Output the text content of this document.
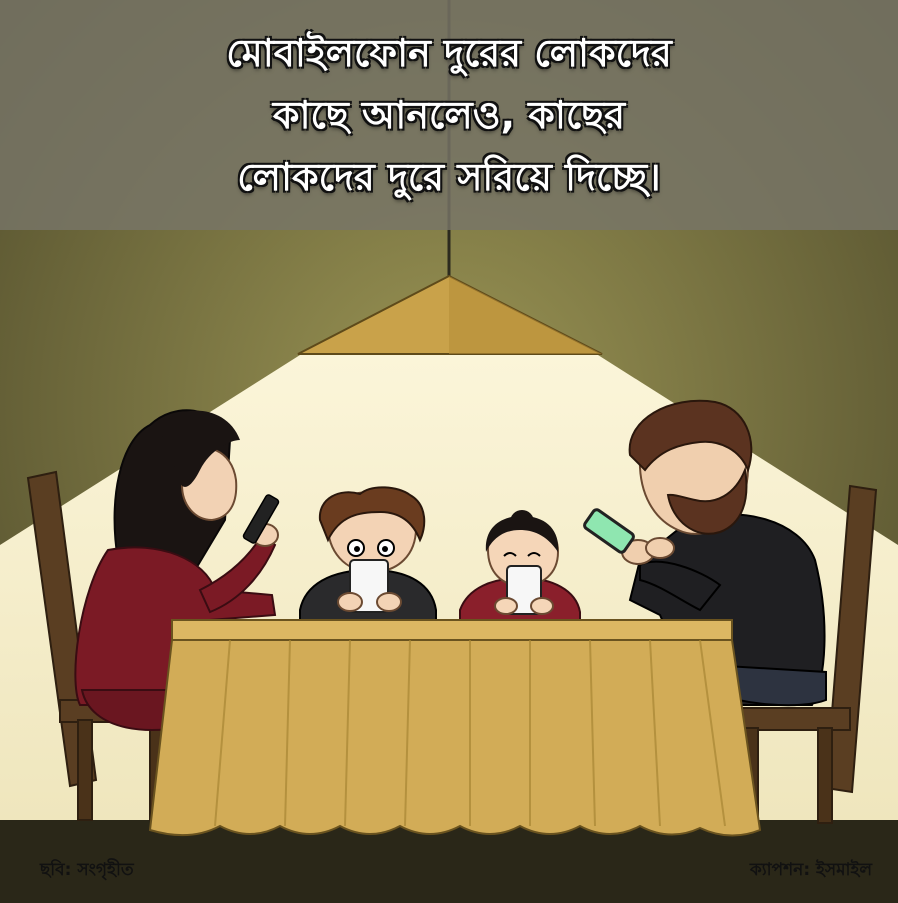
মোবাইলফোন দুরের লোকদের
কাছে আনলেও, কাছের
লোকদের দুরে সরিয়ে দিচ্ছে।
ছবি: সংগৃহীত	ক্যাপশন: ইসমাইল
